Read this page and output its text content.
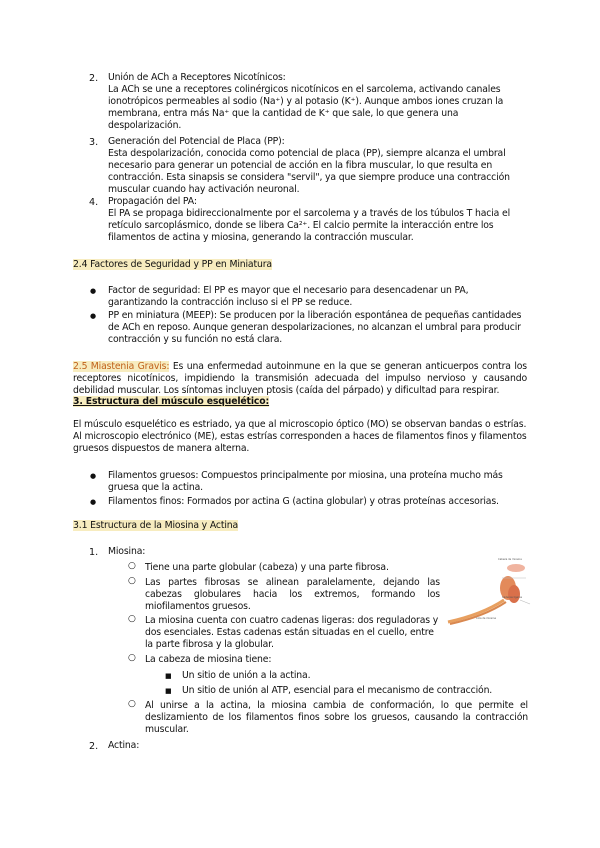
2. Unión de ACh a Receptores Nicotínicos:
La ACh se une a receptores colinérgicos nicotínicos en el sarcolema, activando canales ionotrópicos permeables al sodio (Na⁺) y al potasio (K⁺). Aunque ambos iones cruzan la membrana, entra más Na⁺ que la cantidad de K⁺ que sale, lo que genera una despolarización.
3. Generación del Potencial de Placa (PP):
Esta despolarización, conocida como potencial de placa (PP), siempre alcanza el umbral necesario para generar un potencial de acción en la fibra muscular, lo que resulta en contracción. Esta sinapsis se considera "servil", ya que siempre produce una contracción muscular cuando hay activación neuronal.
4. Propagación del PA:
El PA se propaga bidireccionalmente por el sarcolema y a través de los túbulos T hacia el retículo sarcoplásmico, donde se libera Ca²⁺. El calcio permite la interacción entre los filamentos de actina y miosina, generando la contracción muscular.
2.4 Factores de Seguridad y PP en Miniatura
● Factor de seguridad: El PP es mayor que el necesario para desencadenar un PA, garantizando la contracción incluso si el PP se reduce.
● PP en miniatura (MEEP): Se producen por la liberación espontánea de pequeñas cantidades de ACh en reposo. Aunque generan despolarizaciones, no alcanzan el umbral para producir contracción y su función no está clara.
2.5 Miastenia Gravis: Es una enfermedad autoinmune en la que se generan anticuerpos contra los receptores nicotínicos, impidiendo la transmisión adecuada del impulso nervioso y causando debilidad muscular. Los síntomas incluyen ptosis (caída del párpado) y dificultad para respirar.
3. Estructura del músculo esquelético:
El músculo esquelético es estriado, ya que al microscopio óptico (MO) se observan bandas o estrías. Al microscopio electrónico (ME), estas estrías corresponden a haces de filamentos finos y filamentos gruesos dispuestos de manera alterna.
● Filamentos gruesos: Compuestos principalmente por miosina, una proteína mucho más gruesa que la actina.
● Filamentos finos: Formados por actina G (actina globular) y otras proteínas accesorias.
3.1 Estructura de la Miosina y Actina
1. Miosina:
○ Tiene una parte globular (cabeza) y una parte fibrosa.
○ Las partes fibrosas se alinean paralelamente, dejando las cabezas globulares hacia los extremos, formando los miofilamentos gruesos.
○ La miosina cuenta con cuatro cadenas ligeras: dos reguladoras y dos esenciales. Estas cadenas están situadas en el cuello, entre la parte fibrosa y la globular.
○ La cabeza de miosina tiene:
■ Un sitio de unión a la actina.
■ Un sitio de unión al ATP, esencial para el mecanismo de contracción.
○ Al unirse a la actina, la miosina cambia de conformación, lo que permite el deslizamiento de los filamentos finos sobre los gruesos, causando la contracción muscular.
2. Actina:
Cabeza de miosina
Cadenas ligeras
Cola de miosina
